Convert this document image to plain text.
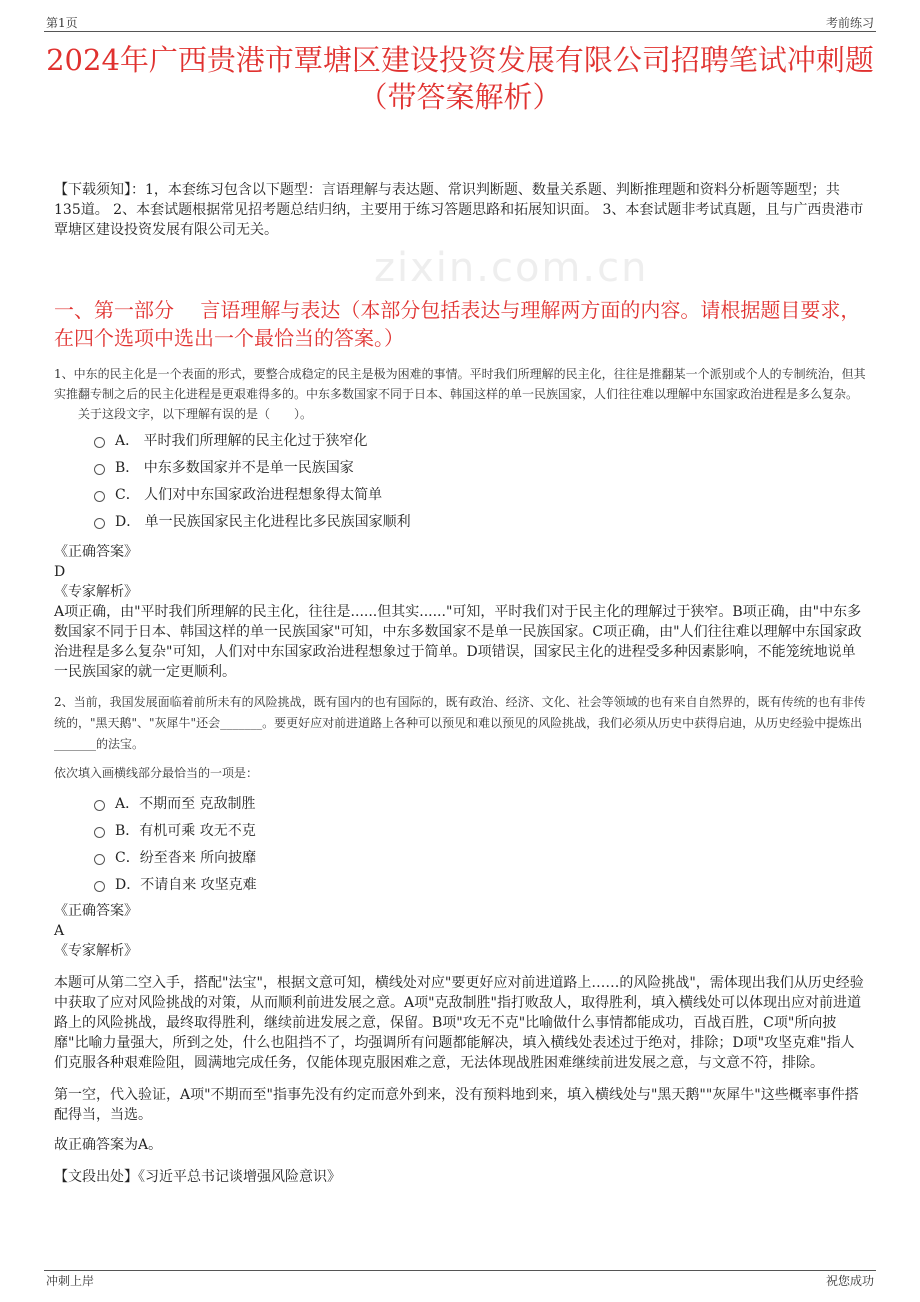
第1页	考前练习
2024年广西贵港市覃塘区建设投资发展有限公司招聘笔试冲刺题（带答案解析）
【下载须知】：1，本套练习包含以下题型：言语理解与表达题、常识判断题、数量关系题、判断推理题和资料分析题等题型；共135道。 2、本套试题根据常见招考题总结归纳，主要用于练习答题思路和拓展知识面。 3、本套试题非考试真题，且与广西贵港市覃塘区建设投资发展有限公司无关。
zixin.com.cn
一、第一部分　 言语理解与表达（本部分包括表达与理解两方面的内容。请根据题目要求，在四个选项中选出一个最恰当的答案。）
1、中东的民主化是一个表面的形式，要整合成稳定的民主是极为困难的事情。平时我们所理解的民主化，往往是推翻某一个派别或个人的专制统治，但其实推翻专制之后的民主化进程是更艰难得多的。中东多数国家不同于日本、韩国这样的单一民族国家，人们往往难以理解中东国家政治进程是多么复杂。
关于这段文字，以下理解有误的是（　　）。
A． 平时我们所理解的民主化过于狭窄化
B． 中东多数国家并不是单一民族国家
C． 人们对中东国家政治进程想象得太简单
D． 单一民族国家民主化进程比多民族国家顺利
《正确答案》
D
《专家解析》
A项正确，由"平时我们所理解的民主化，往往是......但其实......"可知，平时我们对于民主化的理解过于狭窄。B项正确，由"中东多数国家不同于日本、韩国这样的单一民族国家"可知，中东多数国家不是单一民族国家。C项正确，由"人们往往难以理解中东国家政治进程是多么复杂"可知，人们对中东国家政治进程想象过于简单。D项错误，国家民主化的进程受多种因素影响，不能笼统地说单一民族国家的就一定更顺利。
2、当前，我国发展面临着前所未有的风险挑战，既有国内的也有国际的，既有政治、经济、文化、社会等领域的也有来自自然界的，既有传统的也有非传统的，"黑天鹅"、"灰犀牛"还会_______。要更好应对前进道路上各种可以预见和难以预见的风险挑战，我们必须从历史中获得启迪，从历史经验中提炼出_______的法宝。
依次填入画横线部分最恰当的一项是：
A．不期而至 克敌制胜
B．有机可乘 攻无不克
C．纷至沓来 所向披靡
D．不请自来 攻坚克难
《正确答案》
A
《专家解析》
本题可从第二空入手，搭配"法宝"，根据文意可知，横线处对应"要更好应对前进道路上……的风险挑战"，需体现出我们从历史经验中获取了应对风险挑战的对策，从而顺利前进发展之意。A项"克敌制胜"指打败敌人，取得胜利，填入横线处可以体现出应对前进道路上的风险挑战，最终取得胜利，继续前进发展之意，保留。B项"攻无不克"比喻做什么事情都能成功，百战百胜，C项"所向披靡"比喻力量强大，所到之处，什么也阻挡不了，均强调所有问题都能解决，填入横线处表述过于绝对，排除；D项"攻坚克难"指人们克服各种艰难险阻，圆满地完成任务，仅能体现克服困难之意，无法体现战胜困难继续前进发展之意，与文意不符，排除。
第一空，代入验证，A项"不期而至"指事先没有约定而意外到来，没有预料地到来，填入横线处与"黑天鹅""灰犀牛"这些概率事件搭配得当，当选。
故正确答案为A。
【文段出处】《习近平总书记谈增强风险意识》
冲刺上岸	祝您成功
